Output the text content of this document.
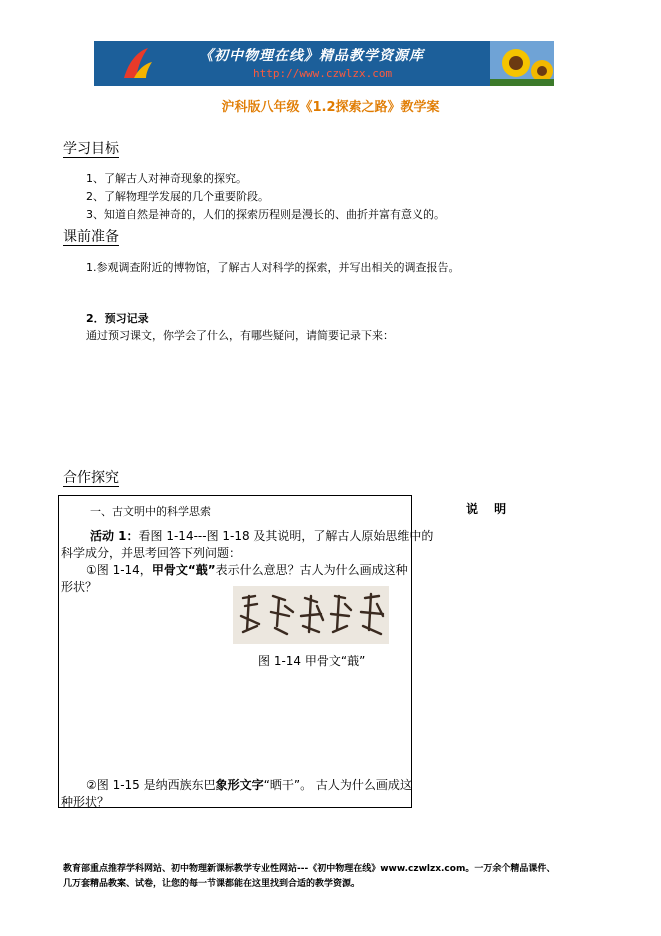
《初中物理在线》精品教学资源库
http://www.czwlzx.com
沪科版八年级《1.2探索之路》教学案
学习目标
1、了解古人对神奇现象的探究。
2、了解物理学发展的几个重要阶段。
3、知道自然是神奇的，人们的探索历程则是漫长的、曲折并富有意义的。
课前准备
1.参观调查附近的博物馆，了解古人对科学的探索，并写出相关的调查报告。
2．预习记录
通过预习课文，你学会了什么，有哪些疑问，请简要记录下来：
合作探究
一、古文明中的科学思索
活动 1：看图 1-14---图 1-18 及其说明，了解古人原始思维中的
科学成分，并思考回答下列问题：
①图 1-14，甲骨文“蕺”表示什么意思？古人为什么画成这种
形状？
图 1-14 甲骨文“蕺”
②图 1-15 是纳西族东巴象形文字“晒干”。 古人为什么画成这
种形状？
说 明
教育部重点推荐学科网站、初中物理新课标教学专业性网站---《初中物理在线》www.czwlzx.com。一万余个精品课件、
几万套精品教案、试卷，让您的每一节课都能在这里找到合适的教学资源。
